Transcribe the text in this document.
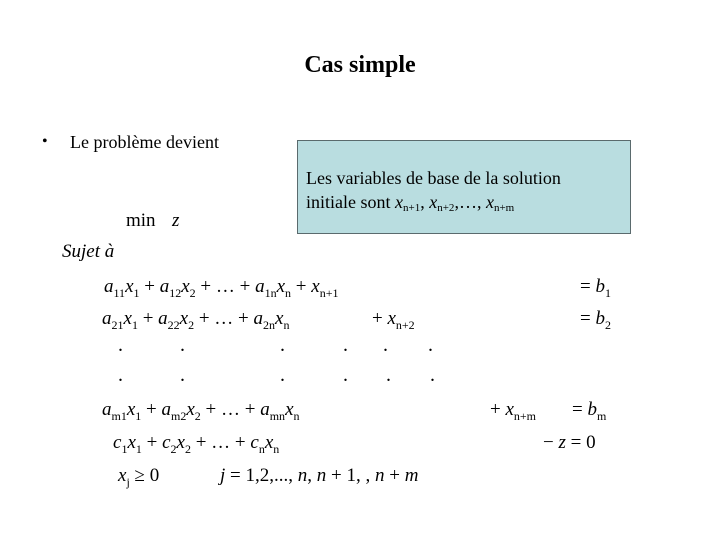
Cas simple
• Le problème devient
Les variables de base de la solution
initiale sont $x_{n+1}$, $x_{n+2},\dots$, $x_{n+m}$
min z
Sujet à
$a_{11}x_1 + a_{12}x_2$ + … + $a_{1n}x_n + x_{n+1}$	= $b_1$
$a_{21}x_1 + a_{22}x_2$ + … + $a_{2n}x_n$	+ $x_{n+2}$	= $b_2$
.	.	.	. . .
.	.	.	. . .
$a_{m1}x_1 + a_{m2}x_2$ + … + $a_{mn}x_n$	+ $x_{n+m} = b_m$
$c_1x_1 + c_2x_2$ + … + $c_nx_n$	− z = 0
$x_j \ge 0$	j = 1,2,..., n, n + 1, , n + m
